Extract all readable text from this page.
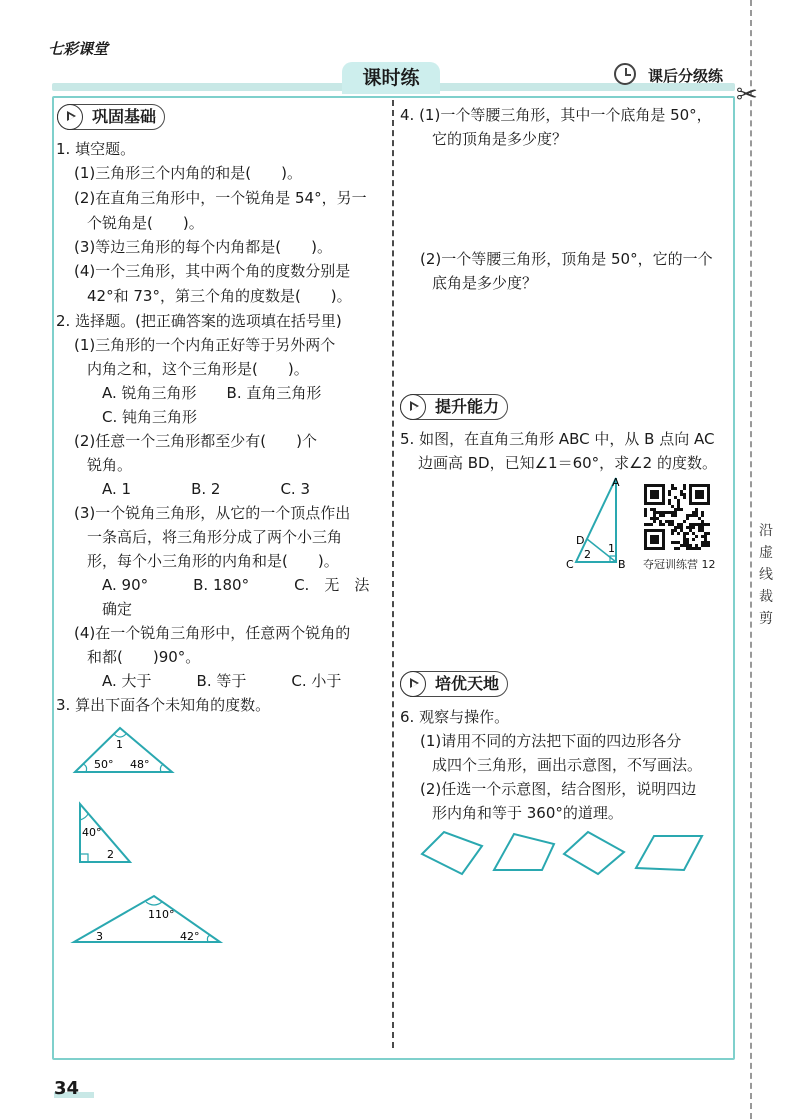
七彩课堂
课时练	课后分级练
✂
沿虚线裁剪
巩固基础
1. 填空题。
(1)三角形三个内角的和是(　　)。
(2)在直角三角形中，一个锐角是 54°，另一
个锐角是(　　)。
(3)等边三角形的每个内角都是(　　)。
(4)一个三角形，其中两个角的度数分别是
42°和 73°，第三个角的度数是(　　)。
2. 选择题。(把正确答案的选项填在括号里)
(1)三角形的一个内角正好等于另外两个
内角之和，这个三角形是(　　)。
A. 锐角三角形　　B. 直角三角形
C. 钝角三角形
(2)任意一个三角形都至少有(　　)个
锐角。
A. 1　　　　B. 2　　　　C. 3
(3)一个锐角三角形，从它的一个顶点作出
一条高后，将三角形分成了两个小三角
形，每个小三角形的内角和是(　　)。
A. 90°　　　B. 180°　　　C.　无　法
确定
(4)在一个锐角三角形中，任意两个锐角的
和都(　　)90°。
A. 大于　　　B. 等于　　　C. 小于
3. 算出下面各个未知角的度数。
1
50° 48°
40°
2
110°
3	42°
4. (1)一个等腰三角形，其中一个底角是 50°，
它的顶角是多少度？
(2)一个等腰三角形，顶角是 50°，它的一个
底角是多少度？
提升能力
5. 如图，在直角三角形 ABC 中，从 B 点向 AC
边画高 BD，已知∠1＝60°，求∠2 的度数。
A
D
C	B
1
2
夺冠训练营 12
培优天地
6. 观察与操作。
(1)请用不同的方法把下面的四边形各分
成四个三角形，画出示意图，不写画法。
(2)任选一个示意图，结合图形，说明四边
形内角和等于 360°的道理。
34
